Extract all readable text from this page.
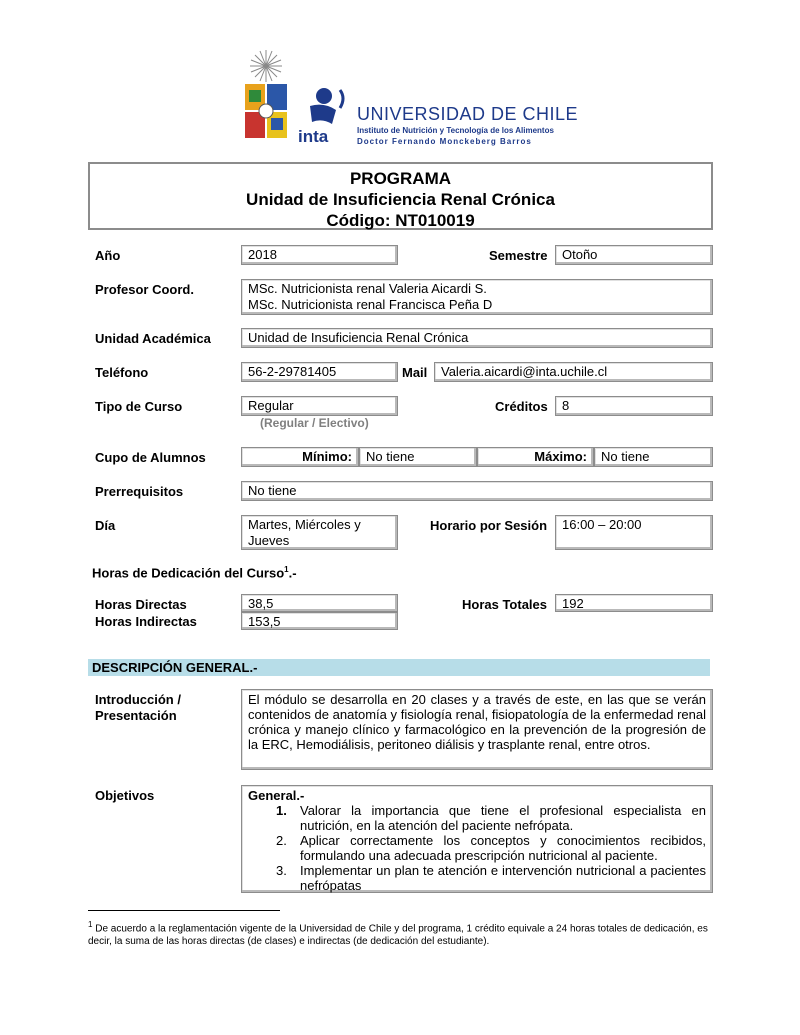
inta
UNIVERSIDAD DE CHILE
Instituto de Nutrición y Tecnología de los Alimentos
Doctor Fernando Monckeberg Barros
PROGRAMA
Unidad de Insuficiencia Renal Crónica
Código: NT010019
Año	2018	Semestre	Otoño
Profesor Coord.	MSc. Nutricionista renal Valeria Aicardi S.
MSc. Nutricionista renal Francisca Peña D
Unidad Académica	Unidad de Insuficiencia Renal Crónica
Teléfono	56-2-29781405	Mail	Valeria.aicardi@inta.uchile.cl
Tipo de Curso	Regular
(Regular / Electivo)
Créditos	8
Cupo de Alumnos	Mínimo:	No tiene	Máximo:	No tiene
Prerrequisitos	No tiene
Día	Martes, Miércoles y
Jueves
Horario por Sesión	16:00 – 20:00
Horas de Dedicación del Curso$^1$.-
Horas Directas	38,5
Horas Indirectas	153,5
Horas Totales	192
DESCRIPCIÓN GENERAL.-
Introducción /
Presentación
El módulo se desarrolla en 20 clases y a través de este, en las que se verán contenidos de anatomía y fisiología renal, fisiopatología de la enfermedad renal crónica y manejo clínico y farmacológico en la prevención de la progresión de la ERC, Hemodiálisis, peritoneo diálisis y trasplante renal, entre otros.
Objetivos	General.-
1. Valorar la importancia que tiene el profesional especialista en nutrición, en la atención del paciente nefrópata.
2. Aplicar correctamente los conceptos y conocimientos recibidos, formulando una adecuada prescripción nutricional al paciente.
3. Implementar un plan te atención e intervención nutricional a pacientes nefrópatas
$^1$ De acuerdo a la reglamentación vigente de la Universidad de Chile y del programa, 1 crédito equivale a 24 horas totales de dedicación, es decir, la suma de las horas directas (de clases) e indirectas (de dedicación del estudiante).
